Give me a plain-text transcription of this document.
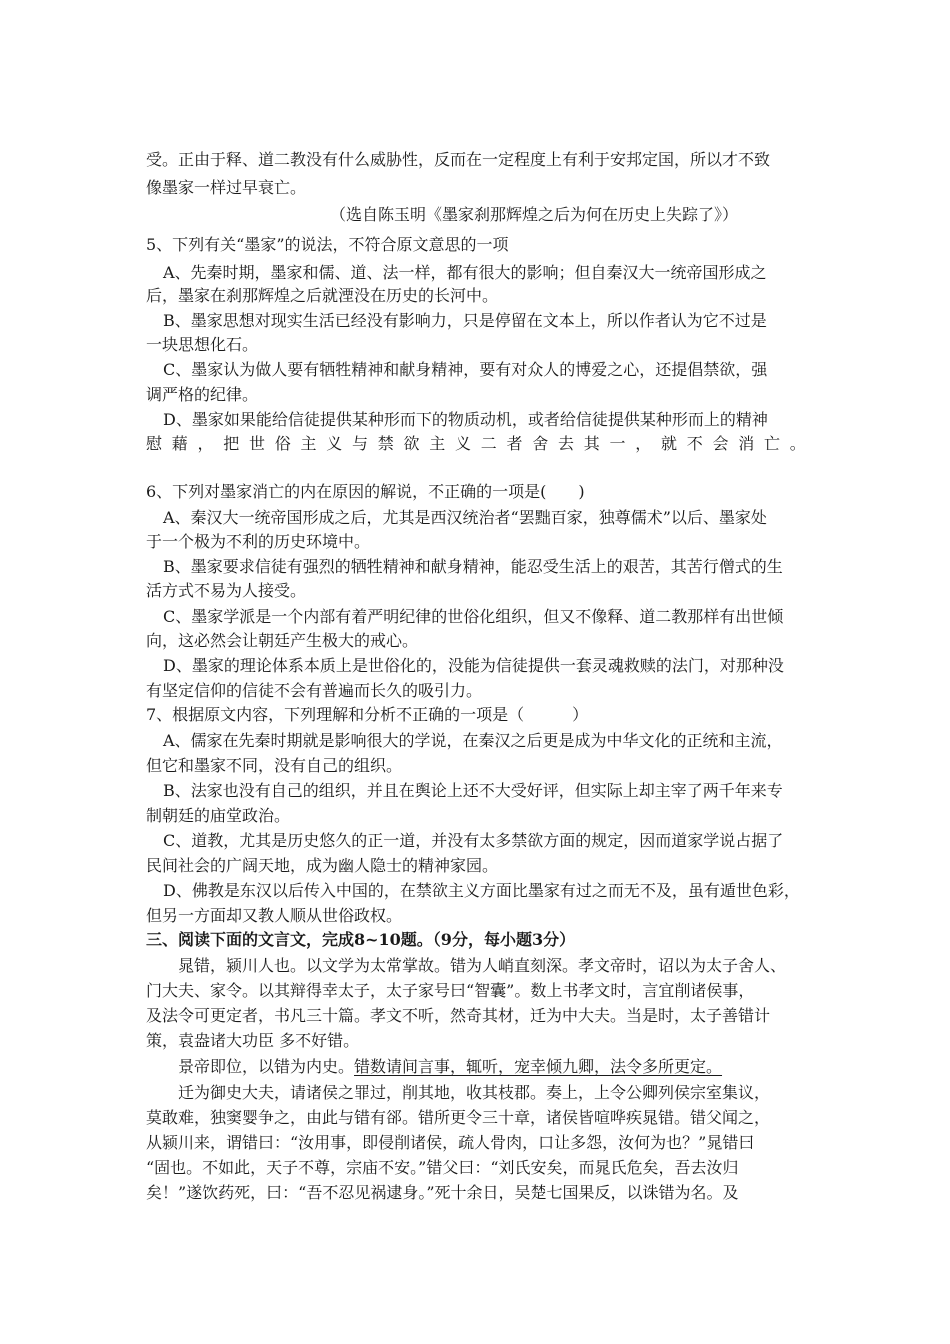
受。正由于释、道二教没有什么威胁性，反而在一定程度上有利于安邦定国，所以才不致
像墨家一样过早衰亡。
（选自陈玉明《墨家刹那辉煌之后为何在历史上失踪了》）
5、下列有关“墨家”的说法，不符合原文意思的一项
A、先秦时期，墨家和儒、道、法一样，都有很大的影响；但自秦汉大一统帝国形成之
后，墨家在刹那辉煌之后就湮没在历史的长河中。
B、墨家思想对现实生活已经没有影响力，只是停留在文本上，所以作者认为它不过是
一块思想化石。
C、墨家认为做人要有牺牲精神和献身精神，要有对众人的博爱之心，还提倡禁欲，强
调严格的纪律。
D、墨家如果能给信徒提供某种形而下的物质动机，或者给信徒提供某种形而上的精神
慰 藉 ， 把 世 俗 主 义 与 禁 欲 主 义 二 者 舍 去 其 一 ， 就 不 会 消 亡 。
6、下列对墨家消亡的内在原因的解说，不正确的一项是(　　)
A、秦汉大一统帝国形成之后，尤其是西汉统治者“罢黜百家，独尊儒术”以后、墨家处
于一个极为不利的历史环境中。
B、墨家要求信徒有强烈的牺牲精神和献身精神，能忍受生活上的艰苦，其苦行僧式的生
活方式不易为人接受。
C、墨家学派是一个内部有着严明纪律的世俗化组织，但又不像释、道二教那样有出世倾
向，这必然会让朝廷产生极大的戒心。
D、墨家的理论体系本质上是世俗化的，没能为信徒提供一套灵魂救赎的法门，对那种没
有坚定信仰的信徒不会有普遍而长久的吸引力。
7、根据原文内容，下列理解和分析不正确的一项是（　　　）
A、儒家在先秦时期就是影响很大的学说，在秦汉之后更是成为中华文化的正统和主流，
但它和墨家不同，没有自己的组织。
B、法家也没有自己的组织，并且在舆论上还不大受好评，但实际上却主宰了两千年来专
制朝廷的庙堂政治。
C、道教，尤其是历史悠久的正一道，并没有太多禁欲方面的规定，因而道家学说占据了
民间社会的广阔天地，成为幽人隐士的精神家园。
D、佛教是东汉以后传入中国的，在禁欲主义方面比墨家有过之而无不及，虽有遁世色彩，
但另一方面却又教人顺从世俗政权。
三、阅读下面的文言文，完成8~10题。（9分，每小题3分）
晁错，颍川人也。以文学为太常掌故。错为人峭直刻深。孝文帝时，诏以为太子舍人、
门大夫、家令。以其辩得幸太子，太子家号曰“智囊”。数上书孝文时，言宜削诸侯事，
及法令可更定者，书凡三十篇。孝文不听，然奇其材，迁为中大夫。当是时，太子善错计
策，袁盎诸大功臣 多不好错。
景帝即位，以错为内史。错数请间言事，辄听，宠幸倾九卿，法令多所更定。
迁为御史大夫，请诸侯之罪过，削其地，收其枝郡。奏上，上令公卿列侯宗室集议，
莫敢难，独窦婴争之，由此与错有郤。错所更令三十章，诸侯皆喧哗疾晁错。错父闻之，
从颍川来，谓错曰：“汝用事，即侵削诸侯，疏人骨肉，口让多怨，汝何为也？”晁错曰
“固也。不如此，天子不尊，宗庙不安。”错父曰：“刘氏安矣，而晁氏危矣，吾去汝归
矣！”遂饮药死，曰：“吾不忍见祸逮身。”死十余日，吴楚七国果反，以诛错为名。及
